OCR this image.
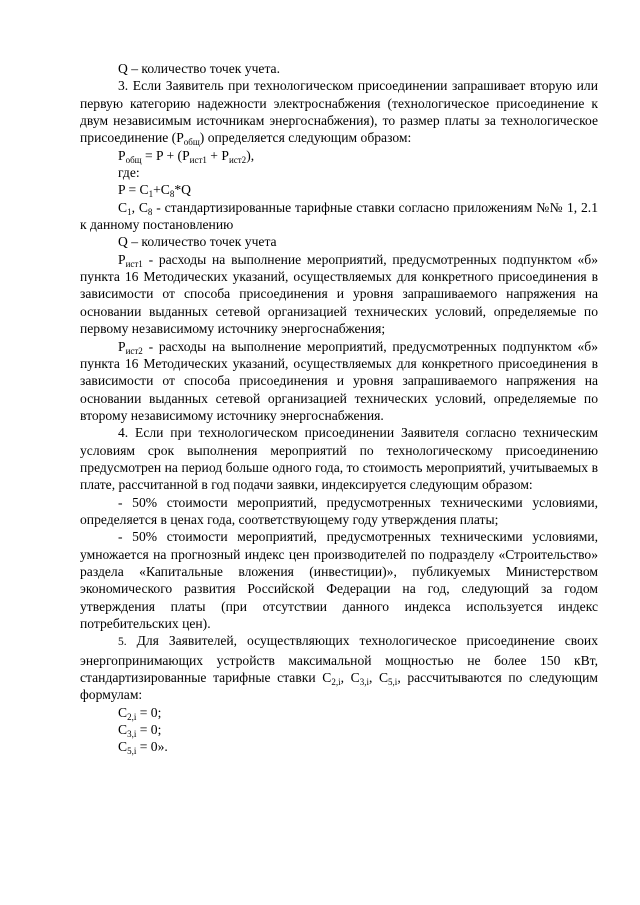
Q – количество точек учета.

3. Если Заявитель при технологическом присоединении запрашивает вторую или первую категорию надежности электроснабжения (технологическое присоединение к двум независимым источникам энергоснабжения), то размер платы за технологическое присоединение $(P_{общ})$ определяется следующим образом:

$P_{общ} = P + (P_{ист1} + P_{ист2})$,

где:

$P = C_1+C_8*Q$

$C_1$, $C_8$ - стандартизированные тарифные ставки согласно приложениям №№ 1, 2.1 к данному постановлению

Q – количество точек учета

$P_{ист1}$ - расходы на выполнение мероприятий, предусмотренных подпунктом «б» пункта 16 Методических указаний, осуществляемых для конкретного присоединения в зависимости от способа присоединения и уровня запрашиваемого напряжения на основании выданных сетевой организацией технических условий, определяемые по первому независимому источнику энергоснабжения;

$P_{ист2}$ - расходы на выполнение мероприятий, предусмотренных подпунктом «б» пункта 16 Методических указаний, осуществляемых для конкретного присоединения в зависимости от способа присоединения и уровня запрашиваемого напряжения на основании выданных сетевой организацией технических условий, определяемые по второму независимому источнику энергоснабжения.

4. Если при технологическом присоединении Заявителя согласно техническим условиям срок выполнения мероприятий по технологическому присоединению предусмотрен на период больше одного года, то стоимость мероприятий, учитываемых в плате, рассчитанной в год подачи заявки, индексируется следующим образом:

- 50% стоимости мероприятий, предусмотренных техническими условиями, определяется в ценах года, соответствующему году утверждения платы;

- 50% стоимости мероприятий, предусмотренных техническими условиями, умножается на прогнозный индекс цен производителей по подразделу «Строительство» раздела «Капитальные вложения (инвестиции)», публикуемых Министерством экономического развития Российской Федерации на год, следующий за годом утверждения платы (при отсутствии данного индекса используется индекс потребительских цен).

5. Для Заявителей, осуществляющих технологическое присоединение своих энергопринимающих устройств максимальной мощностью не более 150 кВт, стандартизированные тарифные ставки $C_{2,i}$, $C_{3,i}$, $C_{5,i}$, рассчитываются по следующим формулам:

$C_{2,i} = 0$;

$C_{3,i} = 0$;

$C_{5,i} = 0$».
